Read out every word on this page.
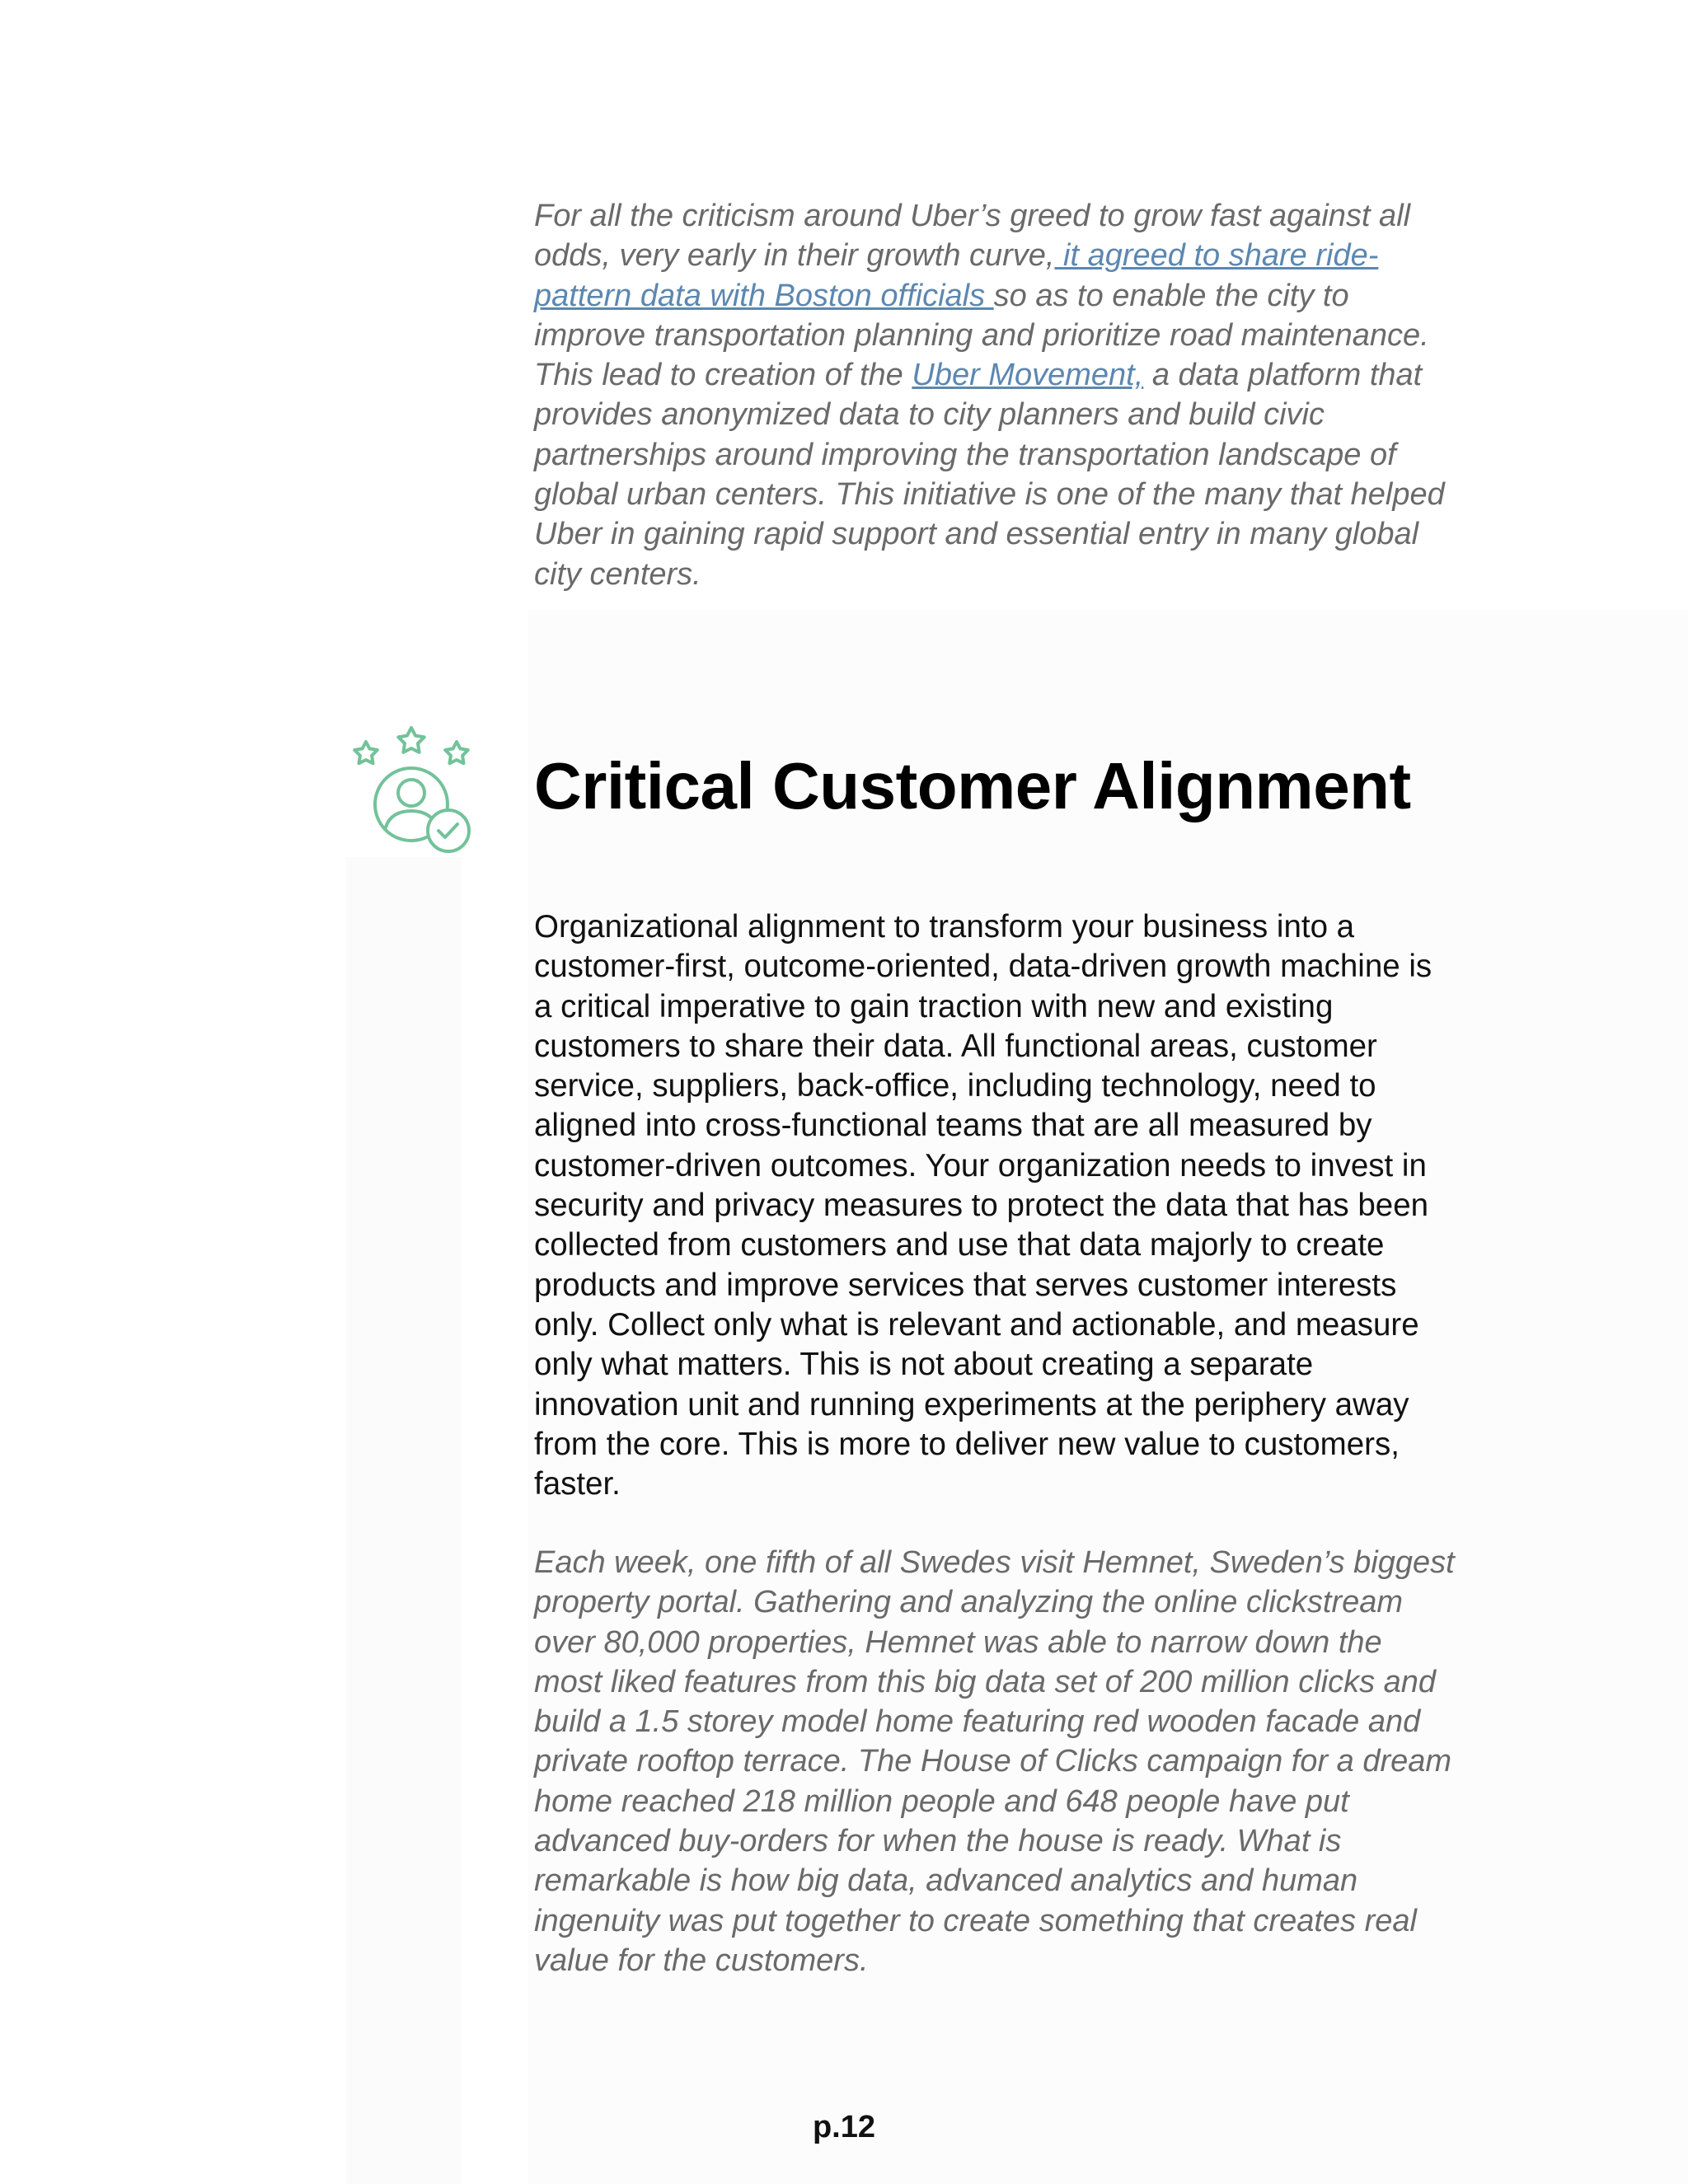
For all the criticism around Uber’s greed to grow fast against all odds, very early in their growth curve, it agreed to share ride-pattern data with Boston officials so as to enable the city to improve transportation planning and prioritize road maintenance. This lead to creation of the Uber Movement, a data platform that provides anonymized data to city planners and build civic partnerships around improving the transportation landscape of global urban centers. This initiative is one of the many that helped Uber in gaining rapid support and essential entry in many global city centers.

Critical Customer Alignment

Organizational alignment to transform your business into a customer-first, outcome-oriented, data-driven growth machine is a critical imperative to gain traction with new and existing customers to share their data. All functional areas, customer service, suppliers, back-office, including technology, need to aligned into cross-functional teams that are all measured by customer-driven outcomes. Your organization needs to invest in security and privacy measures to protect the data that has been collected from customers and use that data majorly to create products and improve services that serves customer interests only. Collect only what is relevant and actionable, and measure only what matters. This is not about creating a separate innovation unit and running experiments at the periphery away from the core. This is more to deliver new value to customers, faster.

Each week, one fifth of all Swedes visit Hemnet, Sweden’s biggest property portal. Gathering and analyzing the online clickstream over 80,000 properties, Hemnet was able to narrow down the most liked features from this big data set of 200 million clicks and build a 1.5 storey model home featuring red wooden facade and private rooftop terrace. The House of Clicks campaign for a dream home reached 218 million people and 648 people have put advanced buy-orders for when the house is ready. What is remarkable is how big data, advanced analytics and human ingenuity was put together to create something that creates real value for the customers.

p.12
